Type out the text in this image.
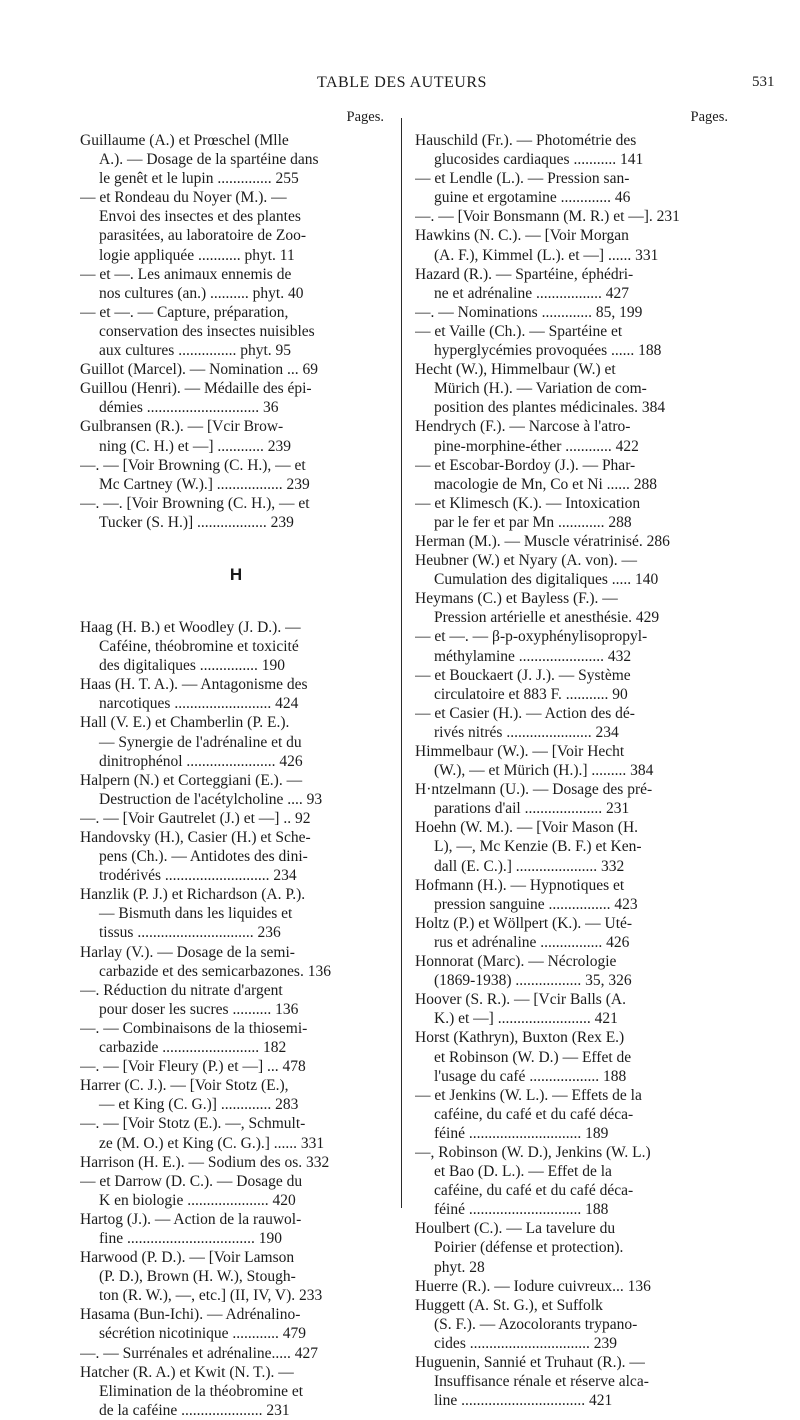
TABLE DES AUTEURS	531
Pages.
Guillaume (A.) et Prœschel (Mlle
A.). — Dosage de la spartéine dans
le genêt et le lupin .............. 255
— et Rondeau du Noyer (M.). —
Envoi des insectes et des plantes
parasitées, au laboratoire de Zoo-
logie appliquée ........... phyt. 11
— et —. Les animaux ennemis de
nos cultures (an.) .......... phyt. 40
— et —. — Capture, préparation,
conservation des insectes nuisibles
aux cultures ............... phyt. 95
Guillot (Marcel). — Nomination ... 69
Guillou (Henri). — Médaille des épi-
démies ............................. 36
Gulbransen (R.). — [Vcir Brow-
ning (C. H.) et —] ............ 239
—. — [Voir Browning (C. H.), — et
Mc Cartney (W.).] ................. 239
—. —. [Voir Browning (C. H.), — et
Tucker (S. H.)] .................. 239
H
Haag (H. B.) et Woodley (J. D.). —
Caféine, théobromine et toxicité
des digitaliques ............... 190
Haas (H. T. A.). — Antagonisme des
narcotiques ......................... 424
Hall (V. E.) et Chamberlin (P. E.).
— Synergie de l'adrénaline et du
dinitrophénol ....................... 426
Halpern (N.) et Corteggiani (E.). —
Destruction de l'acétylcholine .... 93
—. — [Voir Gautrelet (J.) et —] .. 92
Handovsky (H.), Casier (H.) et Sche-
pens (Ch.). — Antidotes des dini-
trodérivés ........................... 234
Hanzlik (P. J.) et Richardson (A. P.).
— Bismuth dans les liquides et
tissus .............................. 236
Harlay (V.). — Dosage de la semi-
carbazide et des semicarbazones. 136
—. Réduction du nitrate d'argent
pour doser les sucres .......... 136
—. — Combinaisons de la thiosemi-
carbazide ......................... 182
—. — [Voir Fleury (P.) et —] ... 478
Harrer (C. J.). — [Voir Stotz (E.),
— et King (C. G.)] ............. 283
—. — [Voir Stotz (E.). —, Schmult-
ze (M. O.) et King (C. G.).] ...... 331
Harrison (H. E.). — Sodium des os. 332
— et Darrow (D. C.). — Dosage du
K en biologie ..................... 420
Hartog (J.). — Action de la rauwol-
fine ................................. 190
Harwood (P. D.). — [Voir Lamson
(P. D.), Brown (H. W.), Stough-
ton (R. W.), —, etc.] (II, IV, V). 233
Hasama (Bun-Ichi). — Adrénalino-
sécrétion nicotinique ............ 479
—. — Surrénales et adrénaline..... 427
Hatcher (R. A.) et Kwit (N. T.). —
Elimination de la théobromine et
de la caféine ..................... 231
Pages.
Hauschild (Fr.). — Photométrie des
glucosides cardiaques ........... 141
— et Lendle (L.). — Pression san-
guine et ergotamine ............. 46
—. — [Voir Bonsmann (M. R.) et —]. 231
Hawkins (N. C.). — [Voir Morgan
(A. F.), Kimmel (L.). et —] ...... 331
Hazard (R.). — Spartéine, éphédri-
ne et adrénaline ................. 427
—. — Nominations ............. 85, 199
— et Vaille (Ch.). — Spartéine et
hyperglycémies provoquées ...... 188
Hecht (W.), Himmelbaur (W.) et
Mürich (H.). — Variation de com-
position des plantes médicinales. 384
Hendrych (F.). — Narcose à l'atro-
pine-morphine-éther ............ 422
— et Escobar-Bordoy (J.). — Phar-
macologie de Mn, Co et Ni ...... 288
— et Klimesch (K.). — Intoxication
par le fer et par Mn ............ 288
Herman (M.). — Muscle vératrinisé. 286
Heubner (W.) et Nyary (A. von). —
Cumulation des digitaliques ..... 140
Heymans (C.) et Bayless (F.). —
Pression artérielle et anesthésie. 429
— et —. — β-p-oxyphénylisopropyl-
méthylamine ...................... 432
— et Bouckaert (J. J.). — Système
circulatoire et 883 F. ........... 90
— et Casier (H.). — Action des dé-
rivés nitrés ...................... 234
Himmelbaur (W.). — [Voir Hecht
(W.), — et Mürich (H.).] ......... 384
H·ntzelmann (U.). — Dosage des pré-
parations d'ail .................... 231
Hoehn (W. M.). — [Voir Mason (H.
L), —, Mc Kenzie (B. F.) et Ken-
dall (E. C.).] ..................... 332
Hofmann (H.). — Hypnotiques et
pression sanguine ................ 423
Holtz (P.) et Wöllpert (K.). — Uté-
rus et adrénaline ................ 426
Honnorat (Marc). — Nécrologie
(1869-1938) ................. 35, 326
Hoover (S. R.). — [Vcir Balls (A.
K.) et —] ........................ 421
Horst (Kathryn), Buxton (Rex E.)
et Robinson (W. D.) — Effet de
l'usage du café .................. 188
— et Jenkins (W. L.). — Effets de la
caféine, du café et du café déca-
féiné ............................. 189
—, Robinson (W. D.), Jenkins (W. L.)
et Bao (D. L.). — Effet de la
caféine, du café et du café déca-
féiné ............................. 188
Houlbert (C.). — La tavelure du
Poirier (défense et protection).
phyt. 28
Huerre (R.). — Iodure cuivreux... 136
Huggett (A. St. G.), et Suffolk
(S. F.). — Azocolorants trypano-
cides ............................... 239
Huguenin, Sannié et Truhaut (R.). —
Insuffisance rénale et réserve alca-
line ................................ 421
